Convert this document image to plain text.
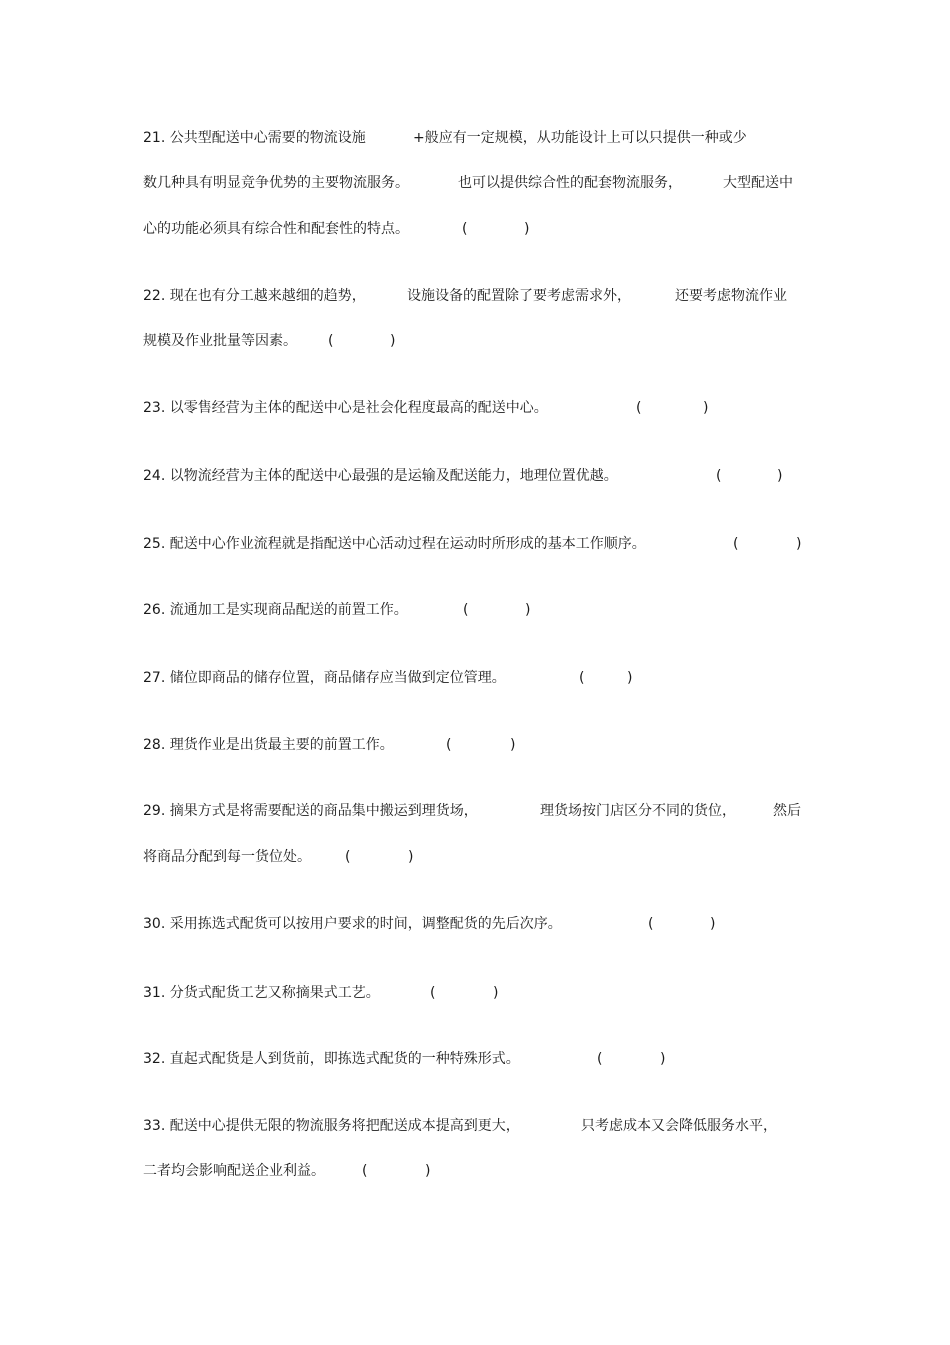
21. 公共型配送中心需要的物流设施	+般应有一定规模，从功能设计上可以只提供一种或少
数几种具有明显竞争优势的主要物流服务。	也可以提供综合性的配套物流服务，	大型配送中
心的功能必须具有综合性和配套性的特点。	(	)
22. 现在也有分工越来越细的趋势，	设施设备的配置除了要考虑需求外，	还要考虑物流作业
规模及作业批量等因素。 (	)
23. 以零售经营为主体的配送中心是社会化程度最高的配送中心。	(	)
24. 以物流经营为主体的配送中心最强的是运输及配送能力，地理位置优越。	(	)
25. 配送中心作业流程就是指配送中心活动过程在运动时所形成的基本工作顺序。	(	)
26. 流通加工是实现商品配送的前置工作。	(	)
27. 储位即商品的储存位置，商品储存应当做到定位管理。	(	)
28. 理货作业是出货最主要的前置工作。	(	)
29. 摘果方式是将需要配送的商品集中搬运到理货场，	理货场按门店区分不同的货位，	然后
将商品分配到每一货位处。 (	)
30. 采用拣选式配货可以按用户要求的时间，调整配货的先后次序。	(	)
31. 分货式配货工艺又称摘果式工艺。	(	)
32. 直起式配货是人到货前，即拣选式配货的一种特殊形式。	(	)
33. 配送中心提供无限的物流服务将把配送成本提高到更大，	只考虑成本又会降低服务水平，
二者均会影响配送企业利益。	(	)
